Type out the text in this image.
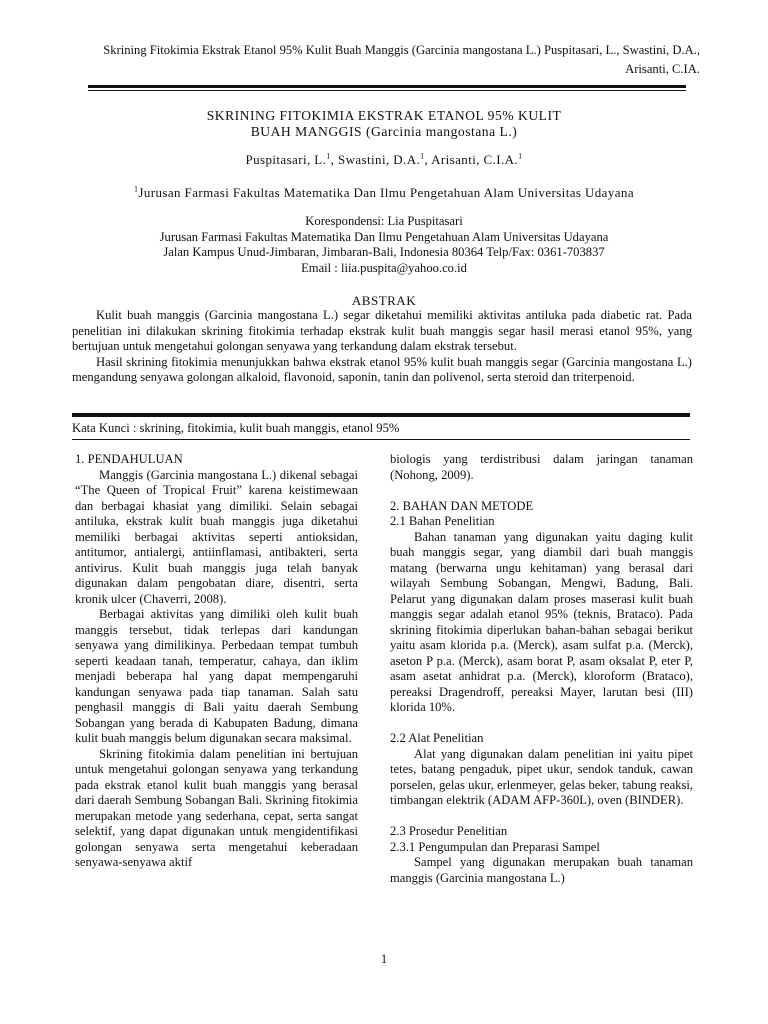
Skrining Fitokimia Ekstrak Etanol 95% Kulit Buah Manggis (Garcinia mangostana L.) Puspitasari, L., Swastini, D.A., Arisanti, C.IA.
SKRINING FITOKIMIA EKSTRAK ETANOL 95% KULIT
BUAH MANGGIS (Garcinia mangostana L.)
Puspitasari, L.$^1$, Swastini, D.A.$^1$, Arisanti, C.I.A.$^1$
$^1$Jurusan Farmasi Fakultas Matematika Dan Ilmu Pengetahuan Alam Universitas Udayana
Korespondensi: Lia Puspitasari
Jurusan Farmasi Fakultas Matematika Dan Ilmu Pengetahuan Alam Universitas Udayana
Jalan Kampus Unud-Jimbaran, Jimbaran-Bali, Indonesia 80364 Telp/Fax: 0361-703837
Email : liia.puspita@yahoo.co.id
ABSTRAK

Kulit buah manggis (Garcinia mangostana L.) segar diketahui memiliki aktivitas antiluka pada diabetic rat. Pada penelitian ini dilakukan skrining fitokimia terhadap ekstrak kulit buah manggis segar hasil merasi etanol 95%, yang bertujuan untuk mengetahui golongan senyawa yang terkandung dalam ekstrak tersebut.

Hasil skrining fitokimia menunjukkan bahwa ekstrak etanol 95% kulit buah manggis segar (Garcinia mangostana L.) mengandung senyawa golongan alkaloid, flavonoid, saponin, tanin dan polivenol, serta steroid dan triterpenoid.

Kata Kunci : skrining, fitokimia, kulit buah manggis, etanol 95%
1. PENDAHULUAN

Manggis (Garcinia mangostana L.) dikenal sebagai “The Queen of Tropical Fruit” karena keistimewaan dan berbagai khasiat yang dimiliki. Selain sebagai antiluka, ekstrak kulit buah manggis juga diketahui memiliki berbagai aktivitas seperti antioksidan, antitumor, antialergi, antiinflamasi, antibakteri, serta antivirus. Kulit buah manggis juga telah banyak digunakan dalam pengobatan diare, disentri, serta kronik ulcer (Chaverri, 2008).

Berbagai aktivitas yang dimiliki oleh kulit buah manggis tersebut, tidak terlepas dari kandungan senyawa yang dimilikinya. Perbedaan tempat tumbuh seperti keadaan tanah, temperatur, cahaya, dan iklim menjadi beberapa hal yang dapat mempengaruhi kandungan senyawa pada tiap tanaman. Salah satu penghasil manggis di Bali yaitu daerah Sembung Sobangan yang berada di Kabupaten Badung, dimana kulit buah manggis belum digunakan secara maksimal.

Skrining fitokimia dalam penelitian ini bertujuan untuk mengetahui golongan senyawa yang terkandung pada ekstrak etanol kulit buah manggis yang berasal dari daerah Sembung Sobangan Bali. Skrining fitokimia merupakan metode yang sederhana, cepat, serta sangat selektif, yang dapat digunakan untuk mengidentifikasi golongan senyawa serta mengetahui keberadaan senyawa-senyawa aktif

biologis yang terdistribusi dalam jaringan tanaman (Nohong, 2009).

2. BAHAN DAN METODE
2.1 Bahan Penelitian

Bahan tanaman yang digunakan yaitu daging kulit buah manggis segar, yang diambil dari buah manggis matang (berwarna ungu kehitaman) yang berasal dari wilayah Sembung Sobangan, Mengwi, Badung, Bali. Pelarut yang digunakan dalam proses maserasi kulit buah manggis segar adalah etanol 95% (teknis, Brataco). Pada skrining fitokimia diperlukan bahan-bahan sebagai berikut yaitu asam klorida p.a. (Merck), asam sulfat p.a. (Merck), aseton P p.a. (Merck), asam borat P, asam oksalat P, eter P, asam asetat anhidrat p.a. (Merck), kloroform (Brataco), pereaksi Dragendroff, pereaksi Mayer, larutan besi (III) klorida 10%.

2.2 Alat Penelitian

Alat yang digunakan dalam penelitian ini yaitu pipet tetes, batang pengaduk, pipet ukur, sendok tanduk, cawan porselen, gelas ukur, erlenmeyer, gelas beker, tabung reaksi, timbangan elektrik (ADAM AFP-360L), oven (BINDER).

2.3 Prosedur Penelitian
2.3.1 Pengumpulan dan Preparasi Sampel

Sampel yang digunakan merupakan buah tanaman manggis (Garcinia mangostana L.)

1
